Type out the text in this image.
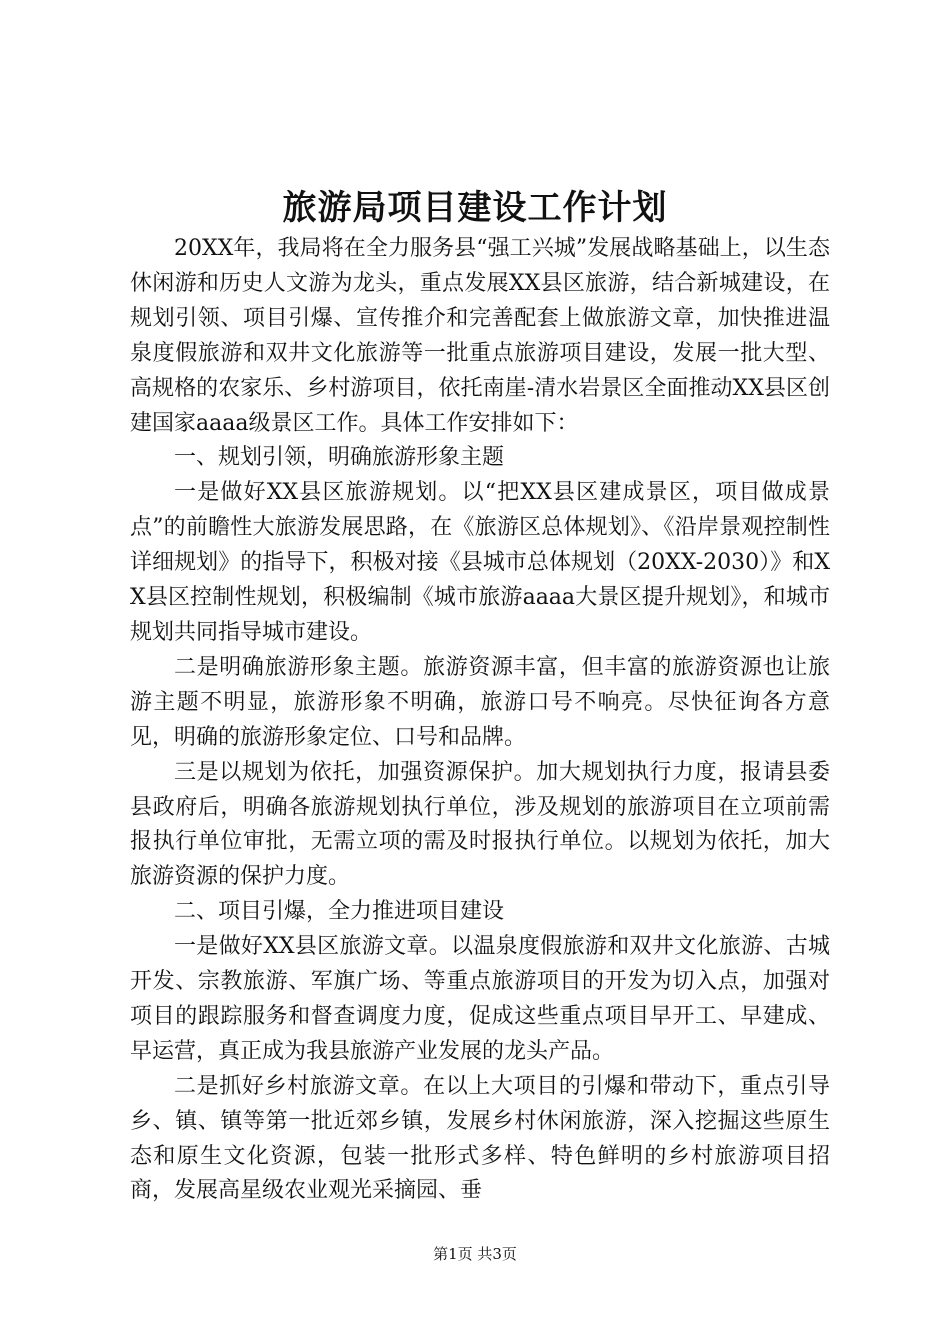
旅游局项目建设工作计划

20XX年，我局将在全力服务县“强工兴城”发展战略基础上，以生态休闲游和历史人文游为龙头，重点发展XX县区旅游，结合新城建设，在规划引领、项目引爆、宣传推介和完善配套上做旅游文章，加快推进温泉度假旅游和双井文化旅游等一批重点旅游项目建设，发展一批大型、高规格的农家乐、乡村游项目，依托南崖-清水岩景区全面推动XX县区创建国家aaaa级景区工作。具体工作安排如下：

一、规划引领，明确旅游形象主题

一是做好XX县区旅游规划。以“把XX县区建成景区，项目做成景点”的前瞻性大旅游发展思路，在《旅游区总体规划》、《沿岸景观控制性详细规划》的指导下，积极对接《县城市总体规划（20XX-2030）》和XX县区控制性规划，积极编制《城市旅游aaaa大景区提升规划》，和城市规划共同指导城市建设。

二是明确旅游形象主题。旅游资源丰富，但丰富的旅游资源也让旅游主题不明显，旅游形象不明确，旅游口号不响亮。尽快征询各方意见，明确的旅游形象定位、口号和品牌。

三是以规划为依托，加强资源保护。加大规划执行力度，报请县委县政府后，明确各旅游规划执行单位，涉及规划的旅游项目在立项前需报执行单位审批，无需立项的需及时报执行单位。以规划为依托，加大旅游资源的保护力度。

二、项目引爆，全力推进项目建设

一是做好XX县区旅游文章。以温泉度假旅游和双井文化旅游、古城开发、宗教旅游、军旗广场、等重点旅游项目的开发为切入点，加强对项目的跟踪服务和督查调度力度，促成这些重点项目早开工、早建成、早运营，真正成为我县旅游产业发展的龙头产品。

二是抓好乡村旅游文章。在以上大项目的引爆和带动下，重点引导乡、镇、镇等第一批近郊乡镇，发展乡村休闲旅游，深入挖掘这些原生态和原生文化资源，包装一批形式多样、特色鲜明的乡村旅游项目招商，发展高星级农业观光采摘园、垂

第1页 共3页
